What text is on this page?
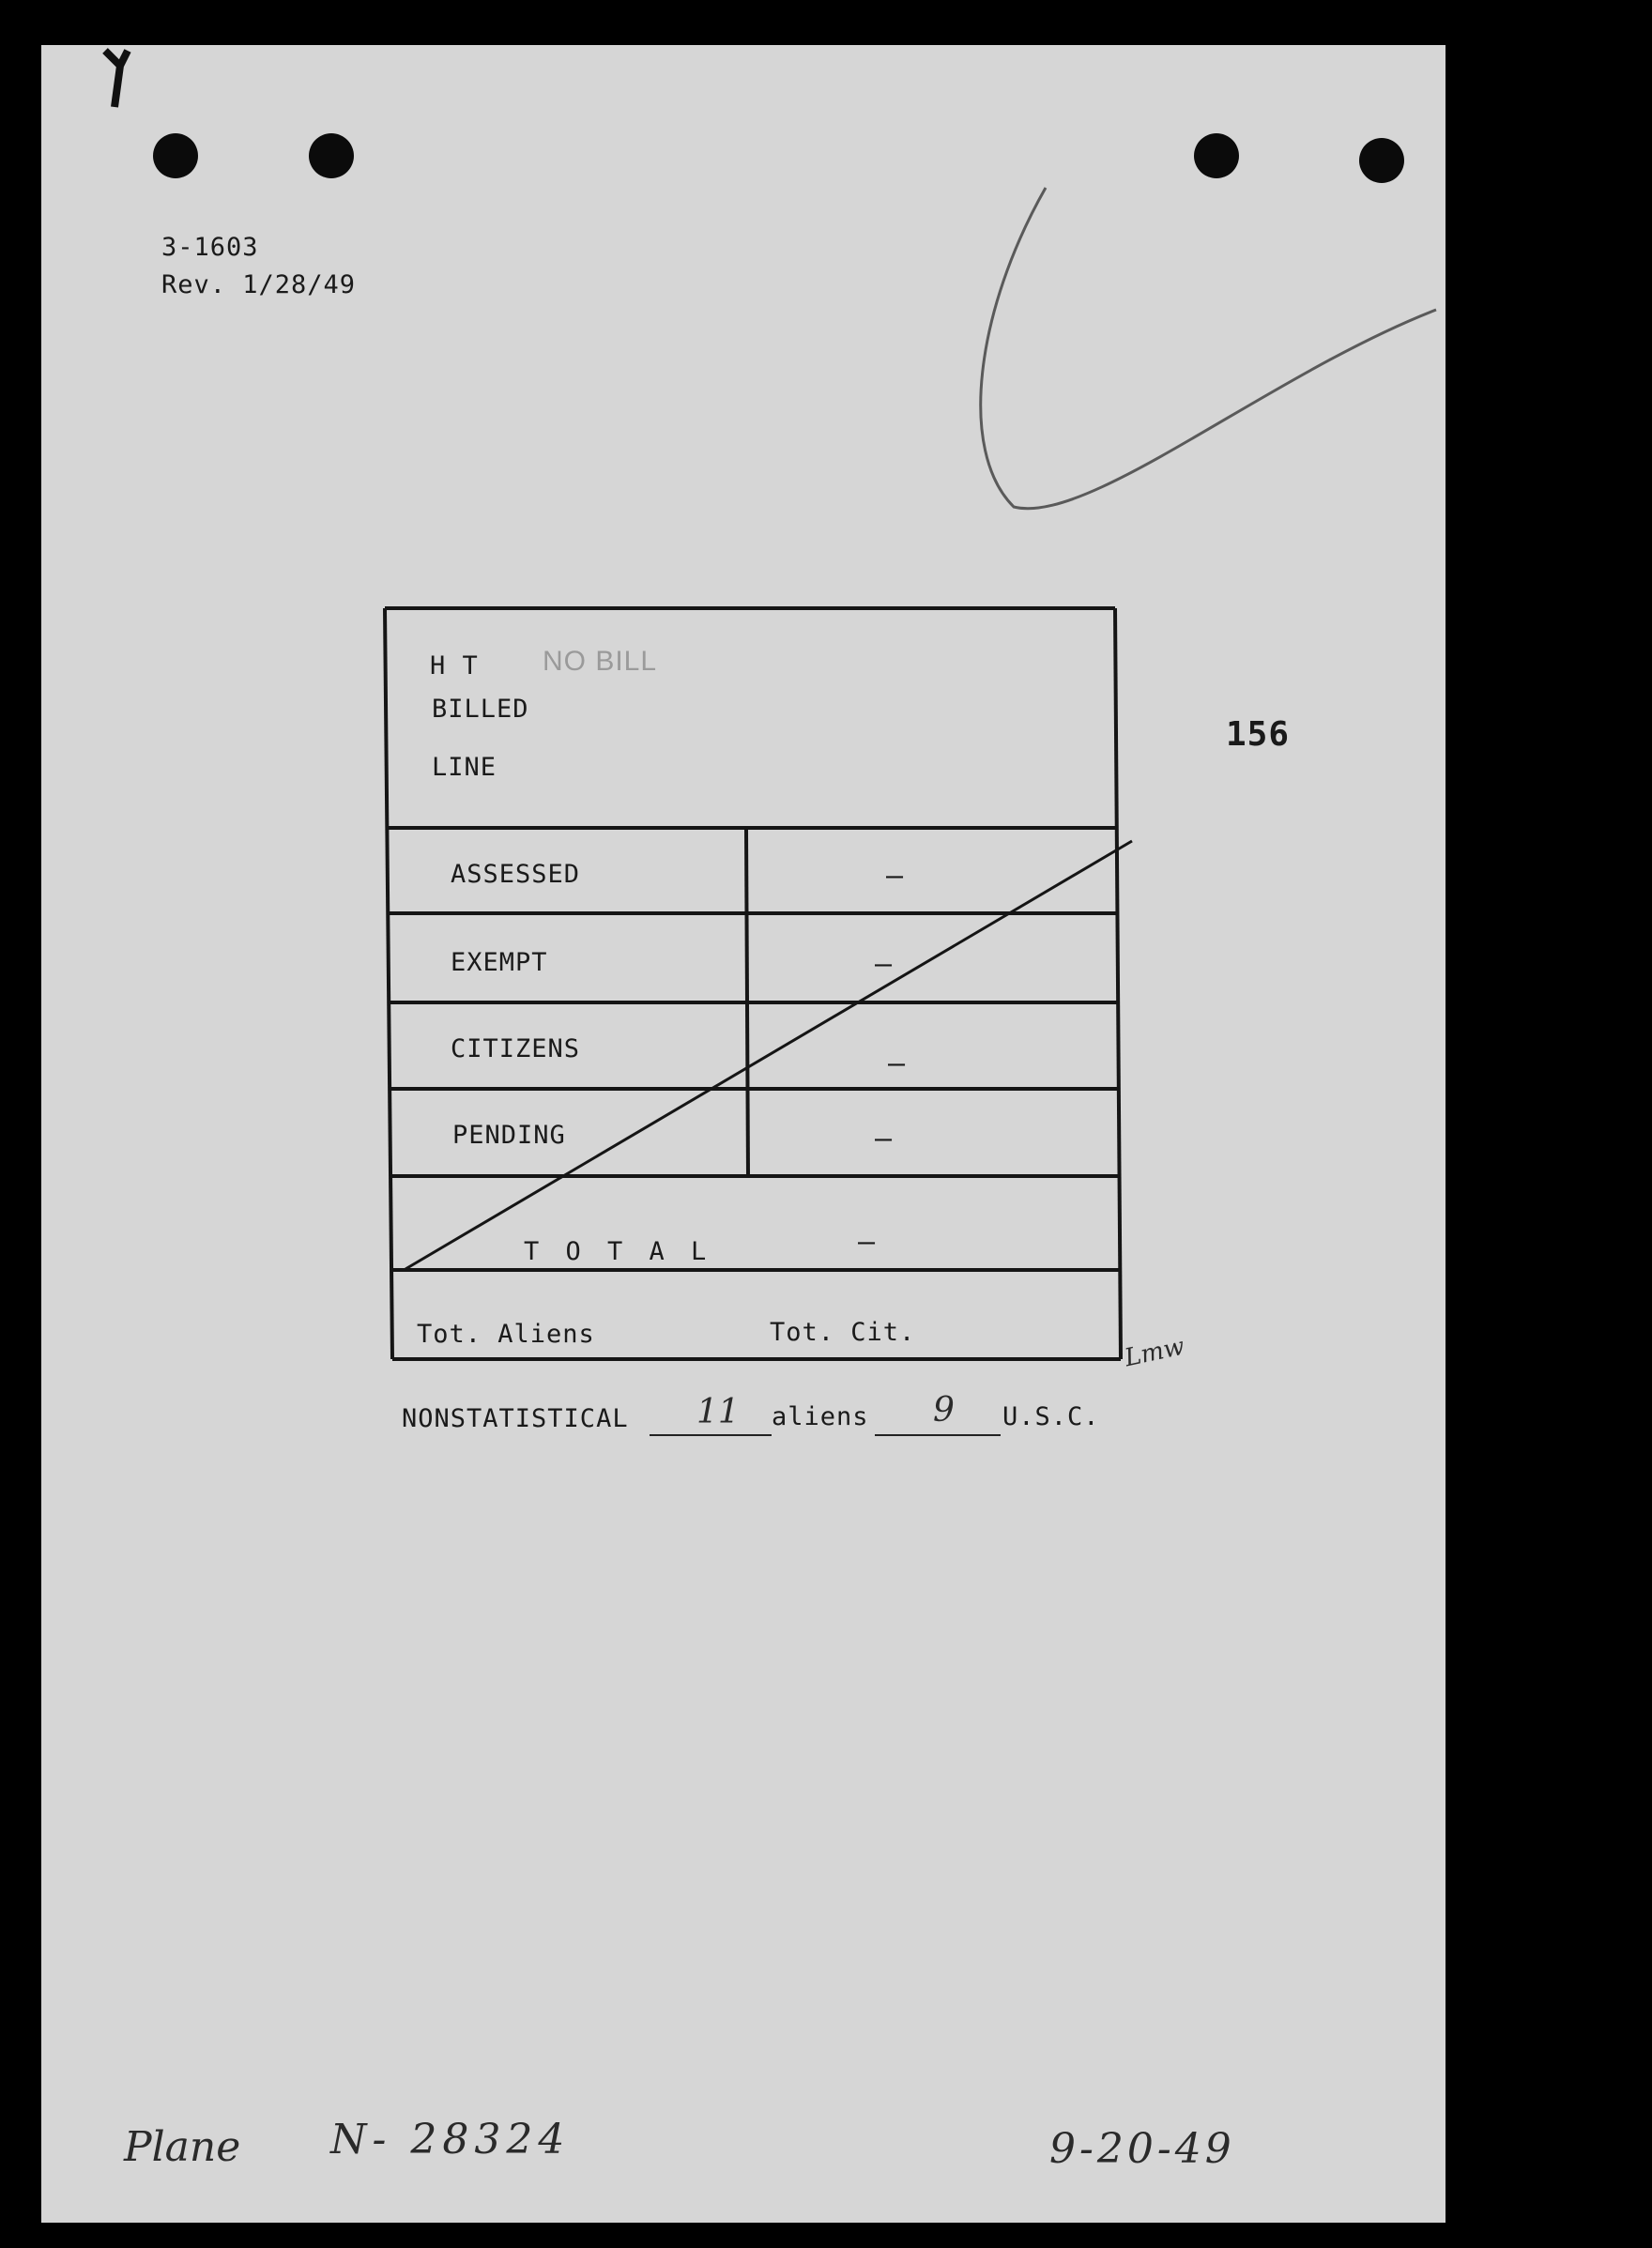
3-1603
Rev. 1/28/49
156
H T NO BILL
BILLED
LINE
ASSESSED	—
EXEMPT	—
CITIZENS	—
PENDING	—
T O T A L	—
Tot. Aliens	Tot. Cit.
Lmw
NONSTATISTICAL 11 aliens 9 U.S.C.
Plane N- 28324	9-20-49
